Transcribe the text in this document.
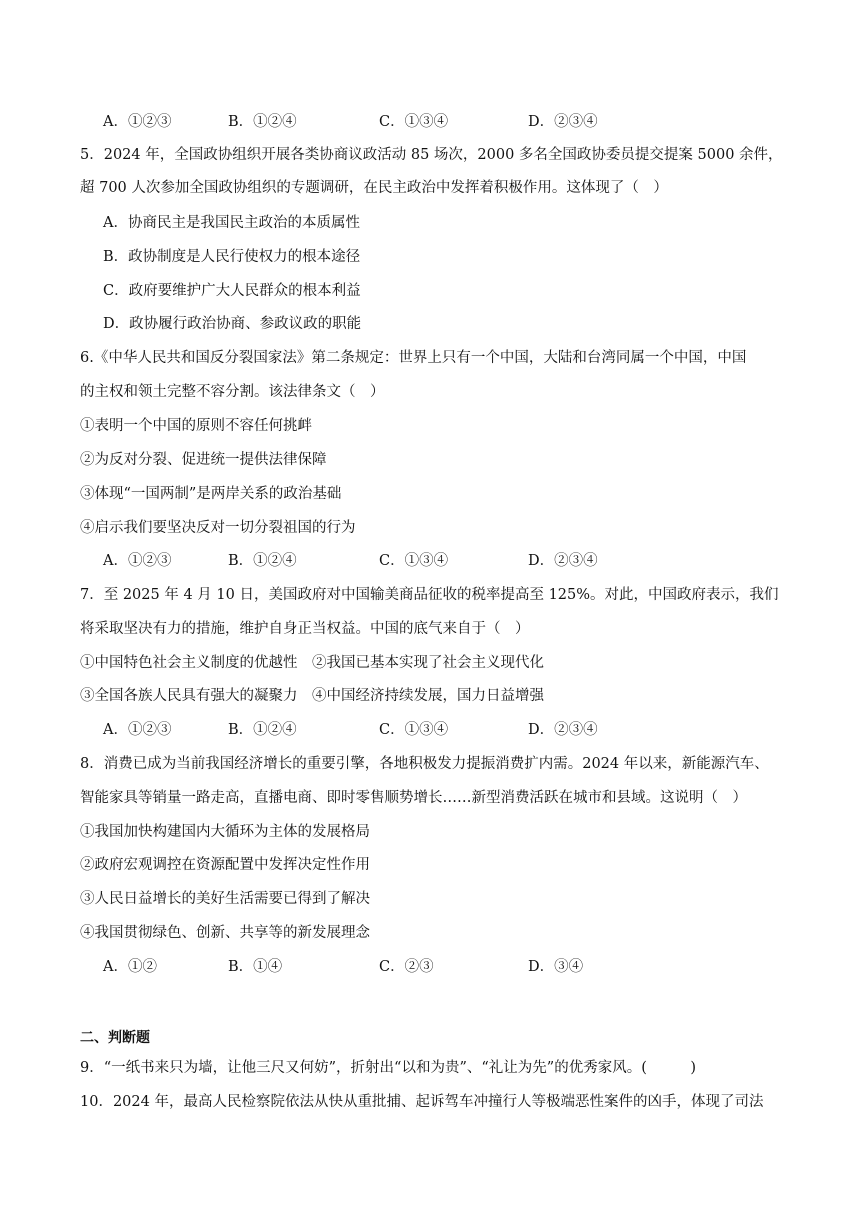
A．①②③	B．①②④	C．①③④	D．②③④
5．2024 年，全国政协组织开展各类协商议政活动 85 场次，2000 多名全国政协委员提交提案 5000 余件，
超 700 人次参加全国政协组织的专题调研，在民主政治中发挥着积极作用。这体现了（　）
A．协商民主是我国民主政治的本质属性
B．政协制度是人民行使权力的根本途径
C．政府要维护广大人民群众的根本利益
D．政协履行政治协商、参政议政的职能
6.《中华人民共和国反分裂国家法》第二条规定：世界上只有一个中国，大陆和台湾同属一个中国，中国
的主权和领土完整不容分割。该法律条文（　）
①表明一个中国的原则不容任何挑衅
②为反对分裂、促进统一提供法律保障
③体现“一国两制”是两岸关系的政治基础
④启示我们要坚决反对一切分裂祖国的行为
A．①②③	B．①②④	C．①③④	D．②③④
7．至 2025 年 4 月 10 日，美国政府对中国输美商品征收的税率提高至 125%。对此，中国政府表示，我们
将采取坚决有力的措施，维护自身正当权益。中国的底气来自于（　）
①中国特色社会主义制度的优越性　②我国已基本实现了社会主义现代化
③全国各族人民具有强大的凝聚力　④中国经济持续发展，国力日益增强
A．①②③	B．①②④	C．①③④	D．②③④
8．消费已成为当前我国经济增长的重要引擎，各地积极发力提振消费扩内需。2024 年以来，新能源汽车、
智能家具等销量一路走高，直播电商、即时零售顺势增长……新型消费活跃在城市和县域。这说明（　）
①我国加快构建国内大循环为主体的发展格局
②政府宏观调控在资源配置中发挥决定性作用
③人民日益增长的美好生活需要已得到了解决
④我国贯彻绿色、创新、共享等的新发展理念
A．①②	B．①④	C．②③	D．③④
二、判断题
9．“一纸书来只为墙，让他三尺又何妨”，折射出“以和为贵”、“礼让为先”的优秀家风。(　　　)
10．2024 年，最高人民检察院依法从快从重批捕、起诉驾车冲撞行人等极端恶性案件的凶手，体现了司法
